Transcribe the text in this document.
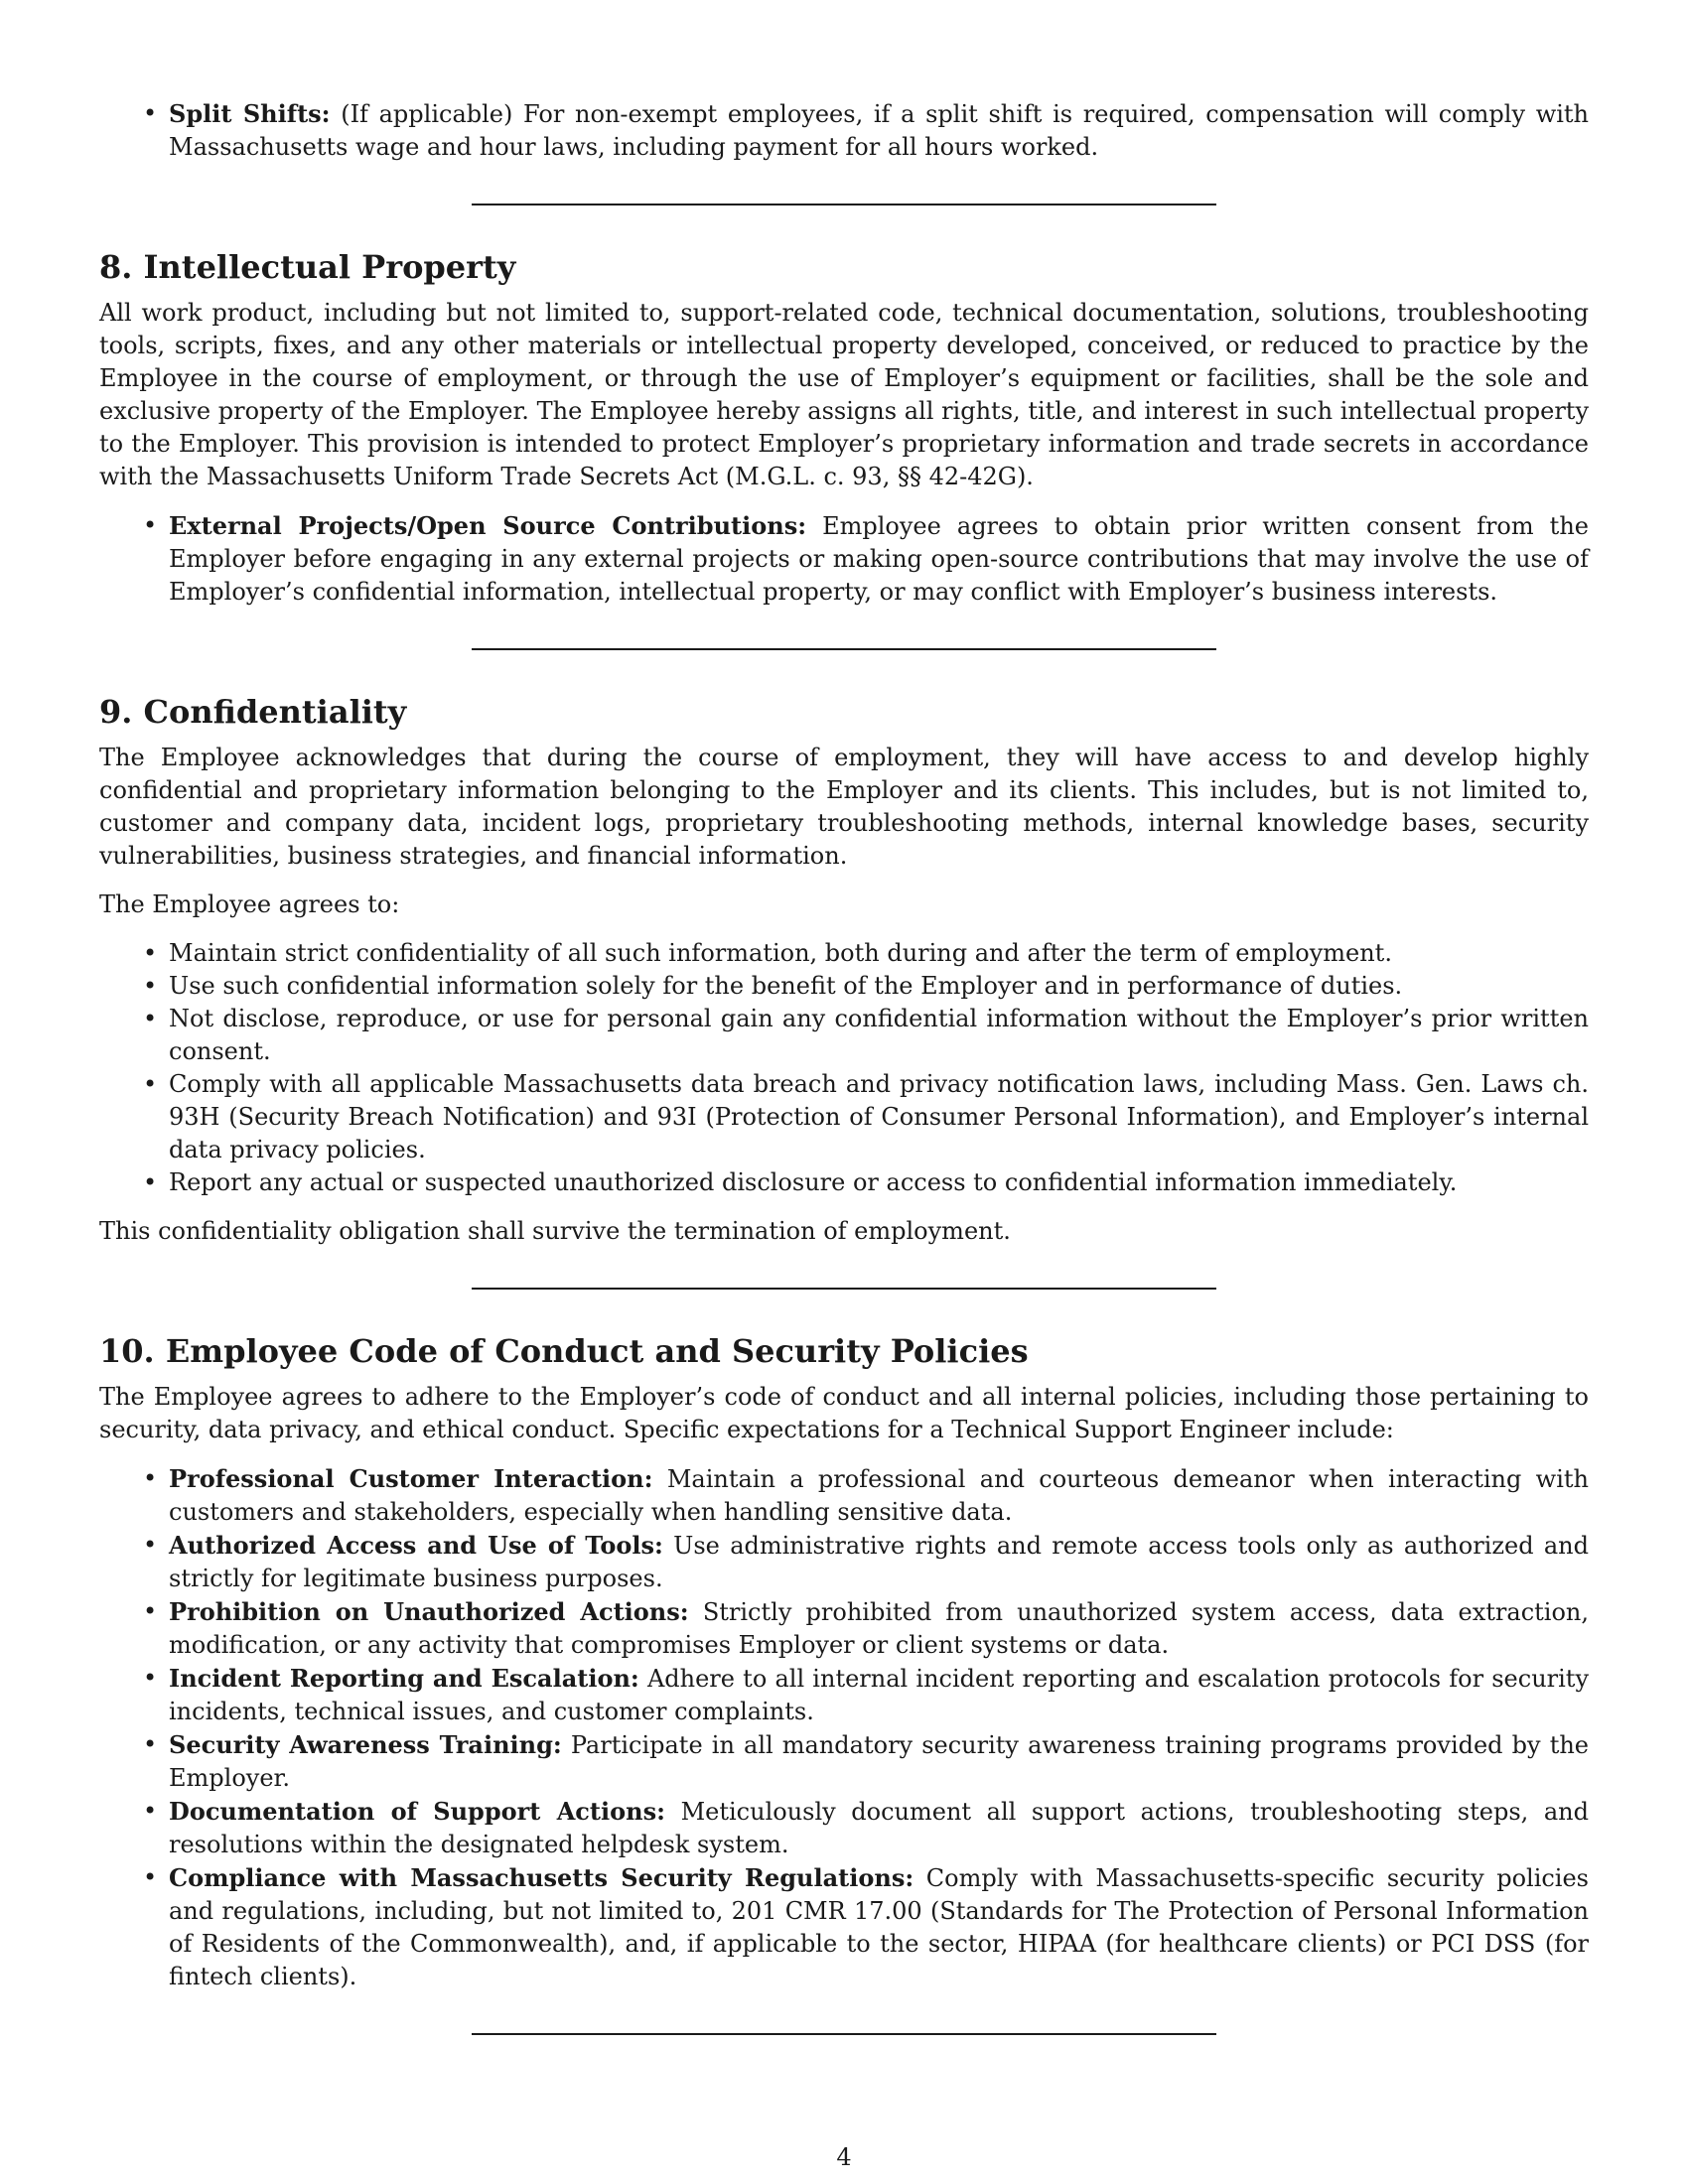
• Split Shifts: (If applicable) For non-exempt employees, if a split shift is required, compensation will comply with Massachusetts wage and hour laws, including payment for all hours worked.
8. Intellectual Property

All work product, including but not limited to, support-related code, technical documentation, solutions, troubleshooting tools, scripts, fixes, and any other materials or intellectual property developed, conceived, or reduced to practice by the Employee in the course of employment, or through the use of Employer’s equipment or facilities, shall be the sole and exclusive property of the Employer. The Employee hereby assigns all rights, title, and interest in such intellectual property to the Employer. This provision is intended to protect Employer’s proprietary information and trade secrets in accordance with the Massachusetts Uniform Trade Secrets Act (M.G.L. c. 93, §§ 42-42G).

• External Projects/Open Source Contributions: Employee agrees to obtain prior written consent from the Employer before engaging in any external projects or making open-source contributions that may involve the use of Employer’s confidential information, intellectual property, or may conflict with Employer’s business interests.
9. Confidentiality

The Employee acknowledges that during the course of employment, they will have access to and develop highly confidential and proprietary information belonging to the Employer and its clients. This includes, but is not limited to, customer and company data, incident logs, proprietary troubleshooting methods, internal knowledge bases, security vulnerabilities, business strategies, and financial information.

The Employee agrees to:

• Maintain strict confidentiality of all such information, both during and after the term of employment.
• Use such confidential information solely for the benefit of the Employer and in performance of duties.
• Not disclose, reproduce, or use for personal gain any confidential information without the Employer’s prior written consent.
• Comply with all applicable Massachusetts data breach and privacy notification laws, including Mass. Gen. Laws ch. 93H (Security Breach Notification) and 93I (Protection of Consumer Personal Information), and Employer’s internal data privacy policies.
• Report any actual or suspected unauthorized disclosure or access to confidential information immediately.

This confidentiality obligation shall survive the termination of employment.

10. Employee Code of Conduct and Security Policies

The Employee agrees to adhere to the Employer’s code of conduct and all internal policies, including those pertaining to security, data privacy, and ethical conduct. Specific expectations for a Technical Support Engineer include:

• Professional Customer Interaction: Maintain a professional and courteous demeanor when interacting with customers and stakeholders, especially when handling sensitive data.
• Authorized Access and Use of Tools: Use administrative rights and remote access tools only as authorized and strictly for legitimate business purposes.
• Prohibition on Unauthorized Actions: Strictly prohibited from unauthorized system access, data extraction, modification, or any activity that compromises Employer or client systems or data.
• Incident Reporting and Escalation: Adhere to all internal incident reporting and escalation protocols for security incidents, technical issues, and customer complaints.
• Security Awareness Training: Participate in all mandatory security awareness training programs provided by the Employer.
• Documentation of Support Actions: Meticulously document all support actions, troubleshooting steps, and resolutions within the designated helpdesk system.
• Compliance with Massachusetts Security Regulations: Comply with Massachusetts-specific security policies and regulations, including, but not limited to, 201 CMR 17.00 (Standards for The Protection of Personal Information of Residents of the Commonwealth), and, if applicable to the sector, HIPAA (for healthcare clients) or PCI DSS (for fintech clients).
4
